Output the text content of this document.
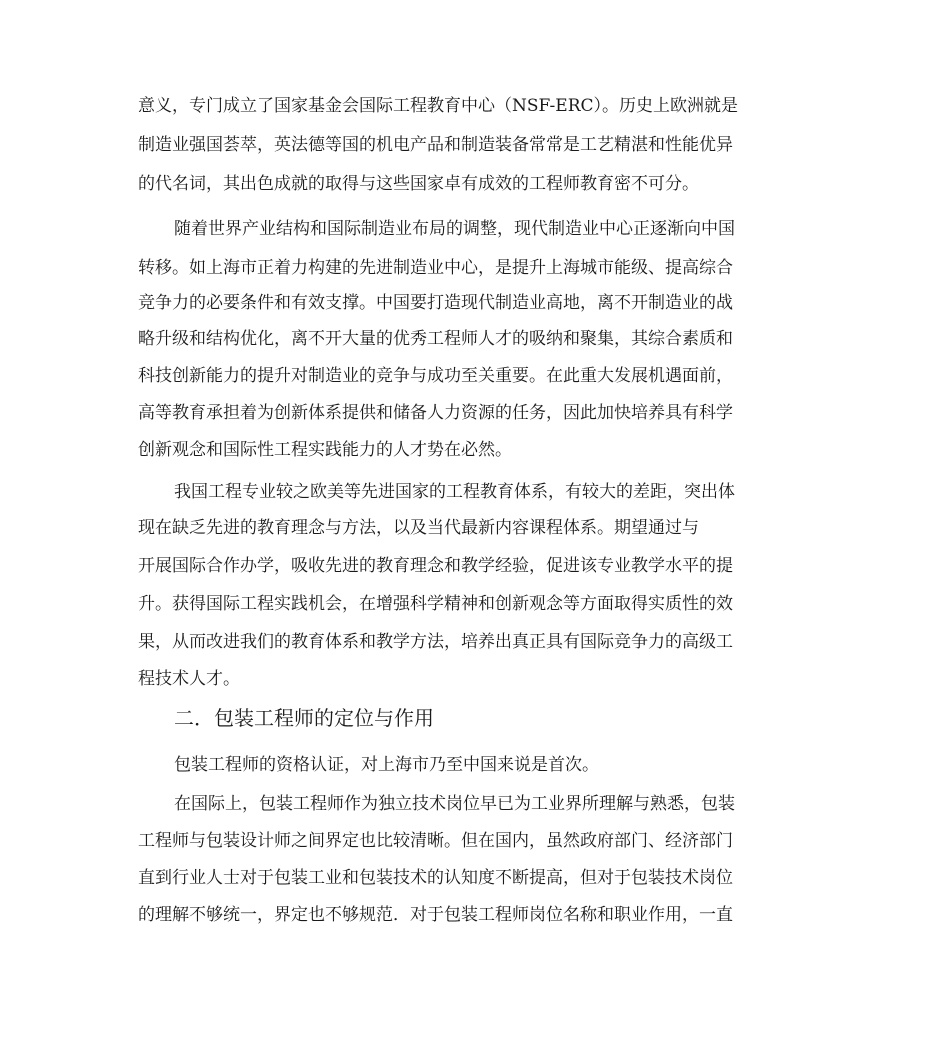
意义，专门成立了国家基金会国际工程教育中心（NSF-ERC）。历史上欧洲就是
制造业强国荟萃，英法德等国的机电产品和制造装备常常是工艺精湛和性能优异
的代名词，其出色成就的取得与这些国家卓有成效的工程师教育密不可分。
随着世界产业结构和国际制造业布局的调整，现代制造业中心正逐渐向中国
转移。如上海市正着力构建的先进制造业中心，是提升上海城市能级、提高综合
竞争力的必要条件和有效支撑。中国要打造现代制造业高地，离不开制造业的战
略升级和结构优化，离不开大量的优秀工程师人才的吸纳和聚集，其综合素质和
科技创新能力的提升对制造业的竞争与成功至关重要。在此重大发展机遇面前，
高等教育承担着为创新体系提供和储备人力资源的任务，因此加快培养具有科学
创新观念和国际性工程实践能力的人才势在必然。
我国工程专业较之欧美等先进国家的工程教育体系，有较大的差距，突出体
现在缺乏先进的教育理念与方法，以及当代最新内容课程体系。期望通过与
开展国际合作办学，吸收先进的教育理念和教学经验，促进该专业教学水平的提
升。获得国际工程实践机会，在增强科学精神和创新观念等方面取得实质性的效
果，从而改进我们的教育体系和教学方法，培养出真正具有国际竞争力的高级工
程技术人才。
二．包装工程师的定位与作用
包装工程师的资格认证，对上海市乃至中国来说是首次。
在国际上，包装工程师作为独立技术岗位早已为工业界所理解与熟悉，包装
工程师与包装设计师之间界定也比较清晰。但在国内，虽然政府部门、经济部门
直到行业人士对于包装工业和包装技术的认知度不断提高，但对于包装技术岗位
的理解不够统一，界定也不够规范．对于包装工程师岗位名称和职业作用，一直
